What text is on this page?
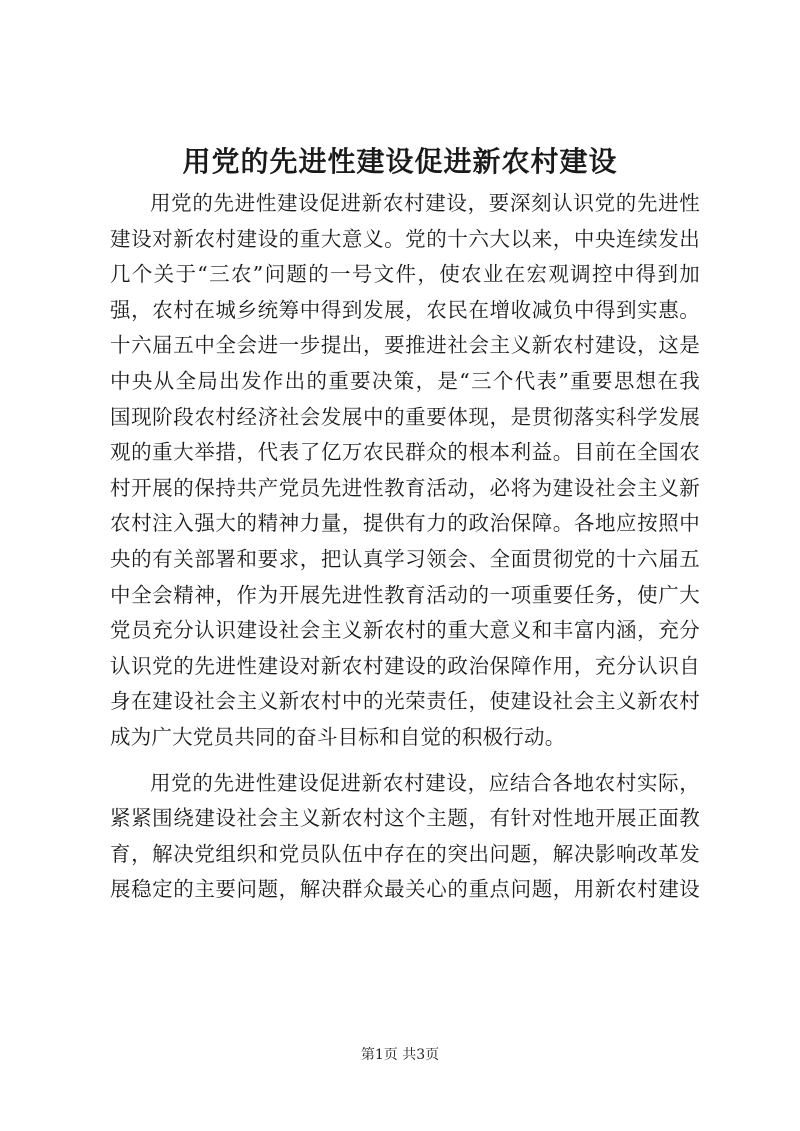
用党的先进性建设促进新农村建设
用党的先进性建设促进新农村建设，要深刻认识党的先进性
建设对新农村建设的重大意义。党的十六大以来，中央连续发出
几个关于“三农”问题的一号文件，使农业在宏观调控中得到加
强，农村在城乡统筹中得到发展，农民在增收减负中得到实惠。
十六届五中全会进一步提出，要推进社会主义新农村建设，这是
中央从全局出发作出的重要决策，是“三个代表”重要思想在我
国现阶段农村经济社会发展中的重要体现，是贯彻落实科学发展
观的重大举措，代表了亿万农民群众的根本利益。目前在全国农
村开展的保持共产党员先进性教育活动，必将为建设社会主义新
农村注入强大的精神力量，提供有力的政治保障。各地应按照中
央的有关部署和要求，把认真学习领会、全面贯彻党的十六届五
中全会精神，作为开展先进性教育活动的一项重要任务，使广大
党员充分认识建设社会主义新农村的重大意义和丰富内涵，充分
认识党的先进性建设对新农村建设的政治保障作用，充分认识自
身在建设社会主义新农村中的光荣责任，使建设社会主义新农村
成为广大党员共同的奋斗目标和自觉的积极行动。
用党的先进性建设促进新农村建设，应结合各地农村实际，
紧紧围绕建设社会主义新农村这个主题，有针对性地开展正面教
育，解决党组织和党员队伍中存在的突出问题，解决影响改革发
展稳定的主要问题，解决群众最关心的重点问题，用新农村建设
第1页 共3页
